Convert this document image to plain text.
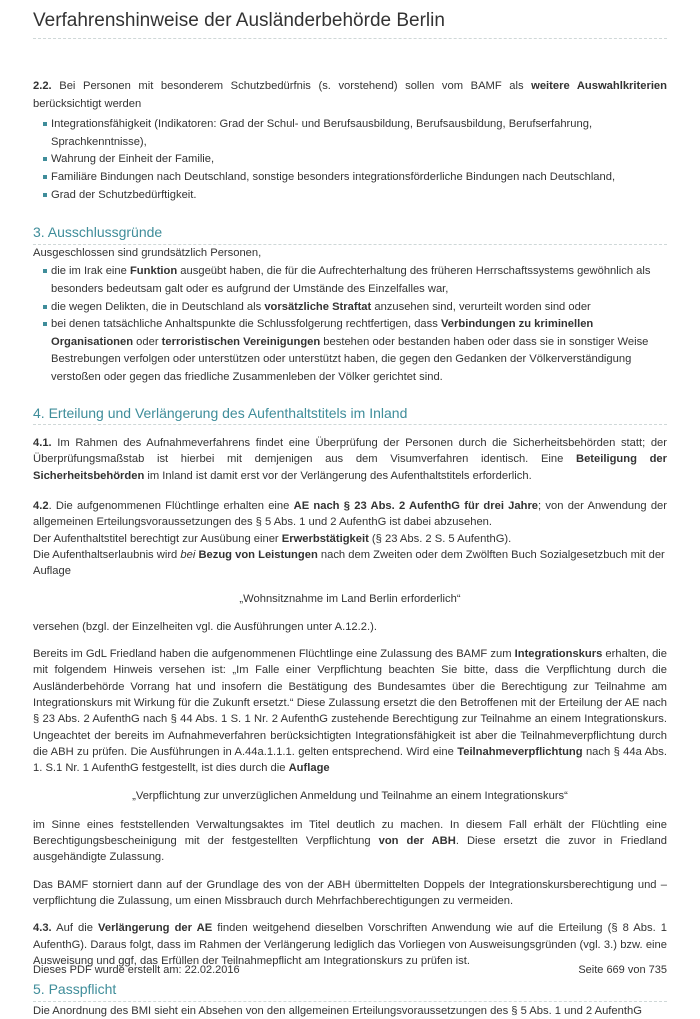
Verfahrenshinweise der Ausländerbehörde Berlin

2.2. Bei Personen mit besonderem Schutzbedürfnis (s. vorstehend) sollen vom BAMF als weitere Auswahlkriterien berücksichtigt werden

Integrationsfähigkeit (Indikatoren: Grad der Schul- und Berufsausbildung, Berufsausbildung, Berufserfahrung, Sprachkenntnisse),
Wahrung der Einheit der Familie,
Familiäre Bindungen nach Deutschland, sonstige besonders integrationsförderliche Bindungen nach Deutschland,
Grad der Schutzbedürftigkeit.
3. Ausschlussgründe

Ausgeschlossen sind grundsätzlich Personen,

die im Irak eine Funktion ausgeübt haben, die für die Aufrechterhaltung des früheren Herrschaftssystems gewöhnlich als besonders bedeutsam galt oder es aufgrund der Umstände des Einzelfalles war,
die wegen Delikten, die in Deutschland als vorsätzliche Straftat anzusehen sind, verurteilt worden sind oder
bei denen tatsächliche Anhaltspunkte die Schlussfolgerung rechtfertigen, dass Verbindungen zu kriminellen Organisationen oder terroristischen Vereinigungen bestehen oder bestanden haben oder dass sie in sonstiger Weise Bestrebungen verfolgen oder unterstützen oder unterstützt haben, die gegen den Gedanken der Völkerverständigung verstoßen oder gegen das friedliche Zusammenleben der Völker gerichtet sind.
4. Erteilung und Verlängerung des Aufenthaltstitels im Inland

4.1. Im Rahmen des Aufnahmeverfahrens findet eine Überprüfung der Personen durch die Sicherheitsbehörden statt; der Überprüfungsmaßstab ist hierbei mit demjenigen aus dem Visumverfahren identisch. Eine Beteiligung der Sicherheitsbehörden im Inland ist damit erst vor der Verlängerung des Aufenthaltstitels erforderlich.

4.2. Die aufgenommenen Flüchtlinge erhalten eine AE nach § 23 Abs. 2 AufenthG für drei Jahre; von der Anwendung der allgemeinen Erteilungsvoraussetzungen des § 5 Abs. 1 und 2 AufenthG ist dabei abzusehen.

Der Aufenthaltstitel berechtigt zur Ausübung einer Erwerbstätigkeit (§ 23 Abs. 2 S. 5 AufenthG).

Die Aufenthaltserlaubnis wird bei Bezug von Leistungen nach dem Zweiten oder dem Zwölften Buch Sozialgesetzbuch mit der Auflage

„Wohnsitznahme im Land Berlin erforderlich“

versehen (bzgl. der Einzelheiten vgl. die Ausführungen unter A.12.2.).

Bereits im GdL Friedland haben die aufgenommenen Flüchtlinge eine Zulassung des BAMF zum Integrationskurs erhalten, die mit folgendem Hinweis versehen ist: „Im Falle einer Verpflichtung beachten Sie bitte, dass die Verpflichtung durch die Ausländerbehörde Vorrang hat und insofern die Bestätigung des Bundesamtes über die Berechtigung zur Teilnahme am Integrationskurs mit Wirkung für die Zukunft ersetzt.“ Diese Zulassung ersetzt die den Betroffenen mit der Erteilung der AE nach § 23 Abs. 2 AufenthG nach § 44 Abs. 1 S. 1 Nr. 2 AufenthG zustehende Berechtigung zur Teilnahme an einem Integrationskurs. Ungeachtet der bereits im Aufnahmeverfahren berücksichtigten Integrationsfähigkeit ist aber die Teilnahmeverpflichtung durch die ABH zu prüfen. Die Ausführungen in A.44a.1.1.1. gelten entsprechend. Wird eine Teilnahmeverpflichtung nach § 44a Abs. 1. S.1 Nr. 1 AufenthG festgestellt, ist dies durch die Auflage

„Verpflichtung zur unverzüglichen Anmeldung und Teilnahme an einem Integrationskurs“

im Sinne eines feststellenden Verwaltungsaktes im Titel deutlich zu machen. In diesem Fall erhält der Flüchtling eine Berechtigungsbescheinigung mit der festgestellten Verpflichtung von der ABH. Diese ersetzt die zuvor in Friedland ausgehändigte Zulassung.

Das BAMF storniert dann auf der Grundlage des von der ABH übermittelten Doppels der Integrationskursberechtigung und –verpflichtung die Zulassung, um einen Missbrauch durch Mehrfachberechtigungen zu vermeiden.

4.3. Auf die Verlängerung der AE finden weitgehend dieselben Vorschriften Anwendung wie auf die Erteilung (§ 8 Abs. 1 AufenthG). Daraus folgt, dass im Rahmen der Verlängerung lediglich das Vorliegen von Ausweisungsgründen (vgl. 3.) bzw. eine Ausweisung und ggf, das Erfüllen der Teilnahmepflicht am Integrationskurs zu prüfen ist.

5. Passpflicht

Die Anordnung des BMI sieht ein Absehen von den allgemeinen Erteilungsvoraussetzungen des § 5 Abs. 1 und 2 AufenthG

Dieses PDF wurde erstellt am: 22.02.2016	Seite 669 von 735
